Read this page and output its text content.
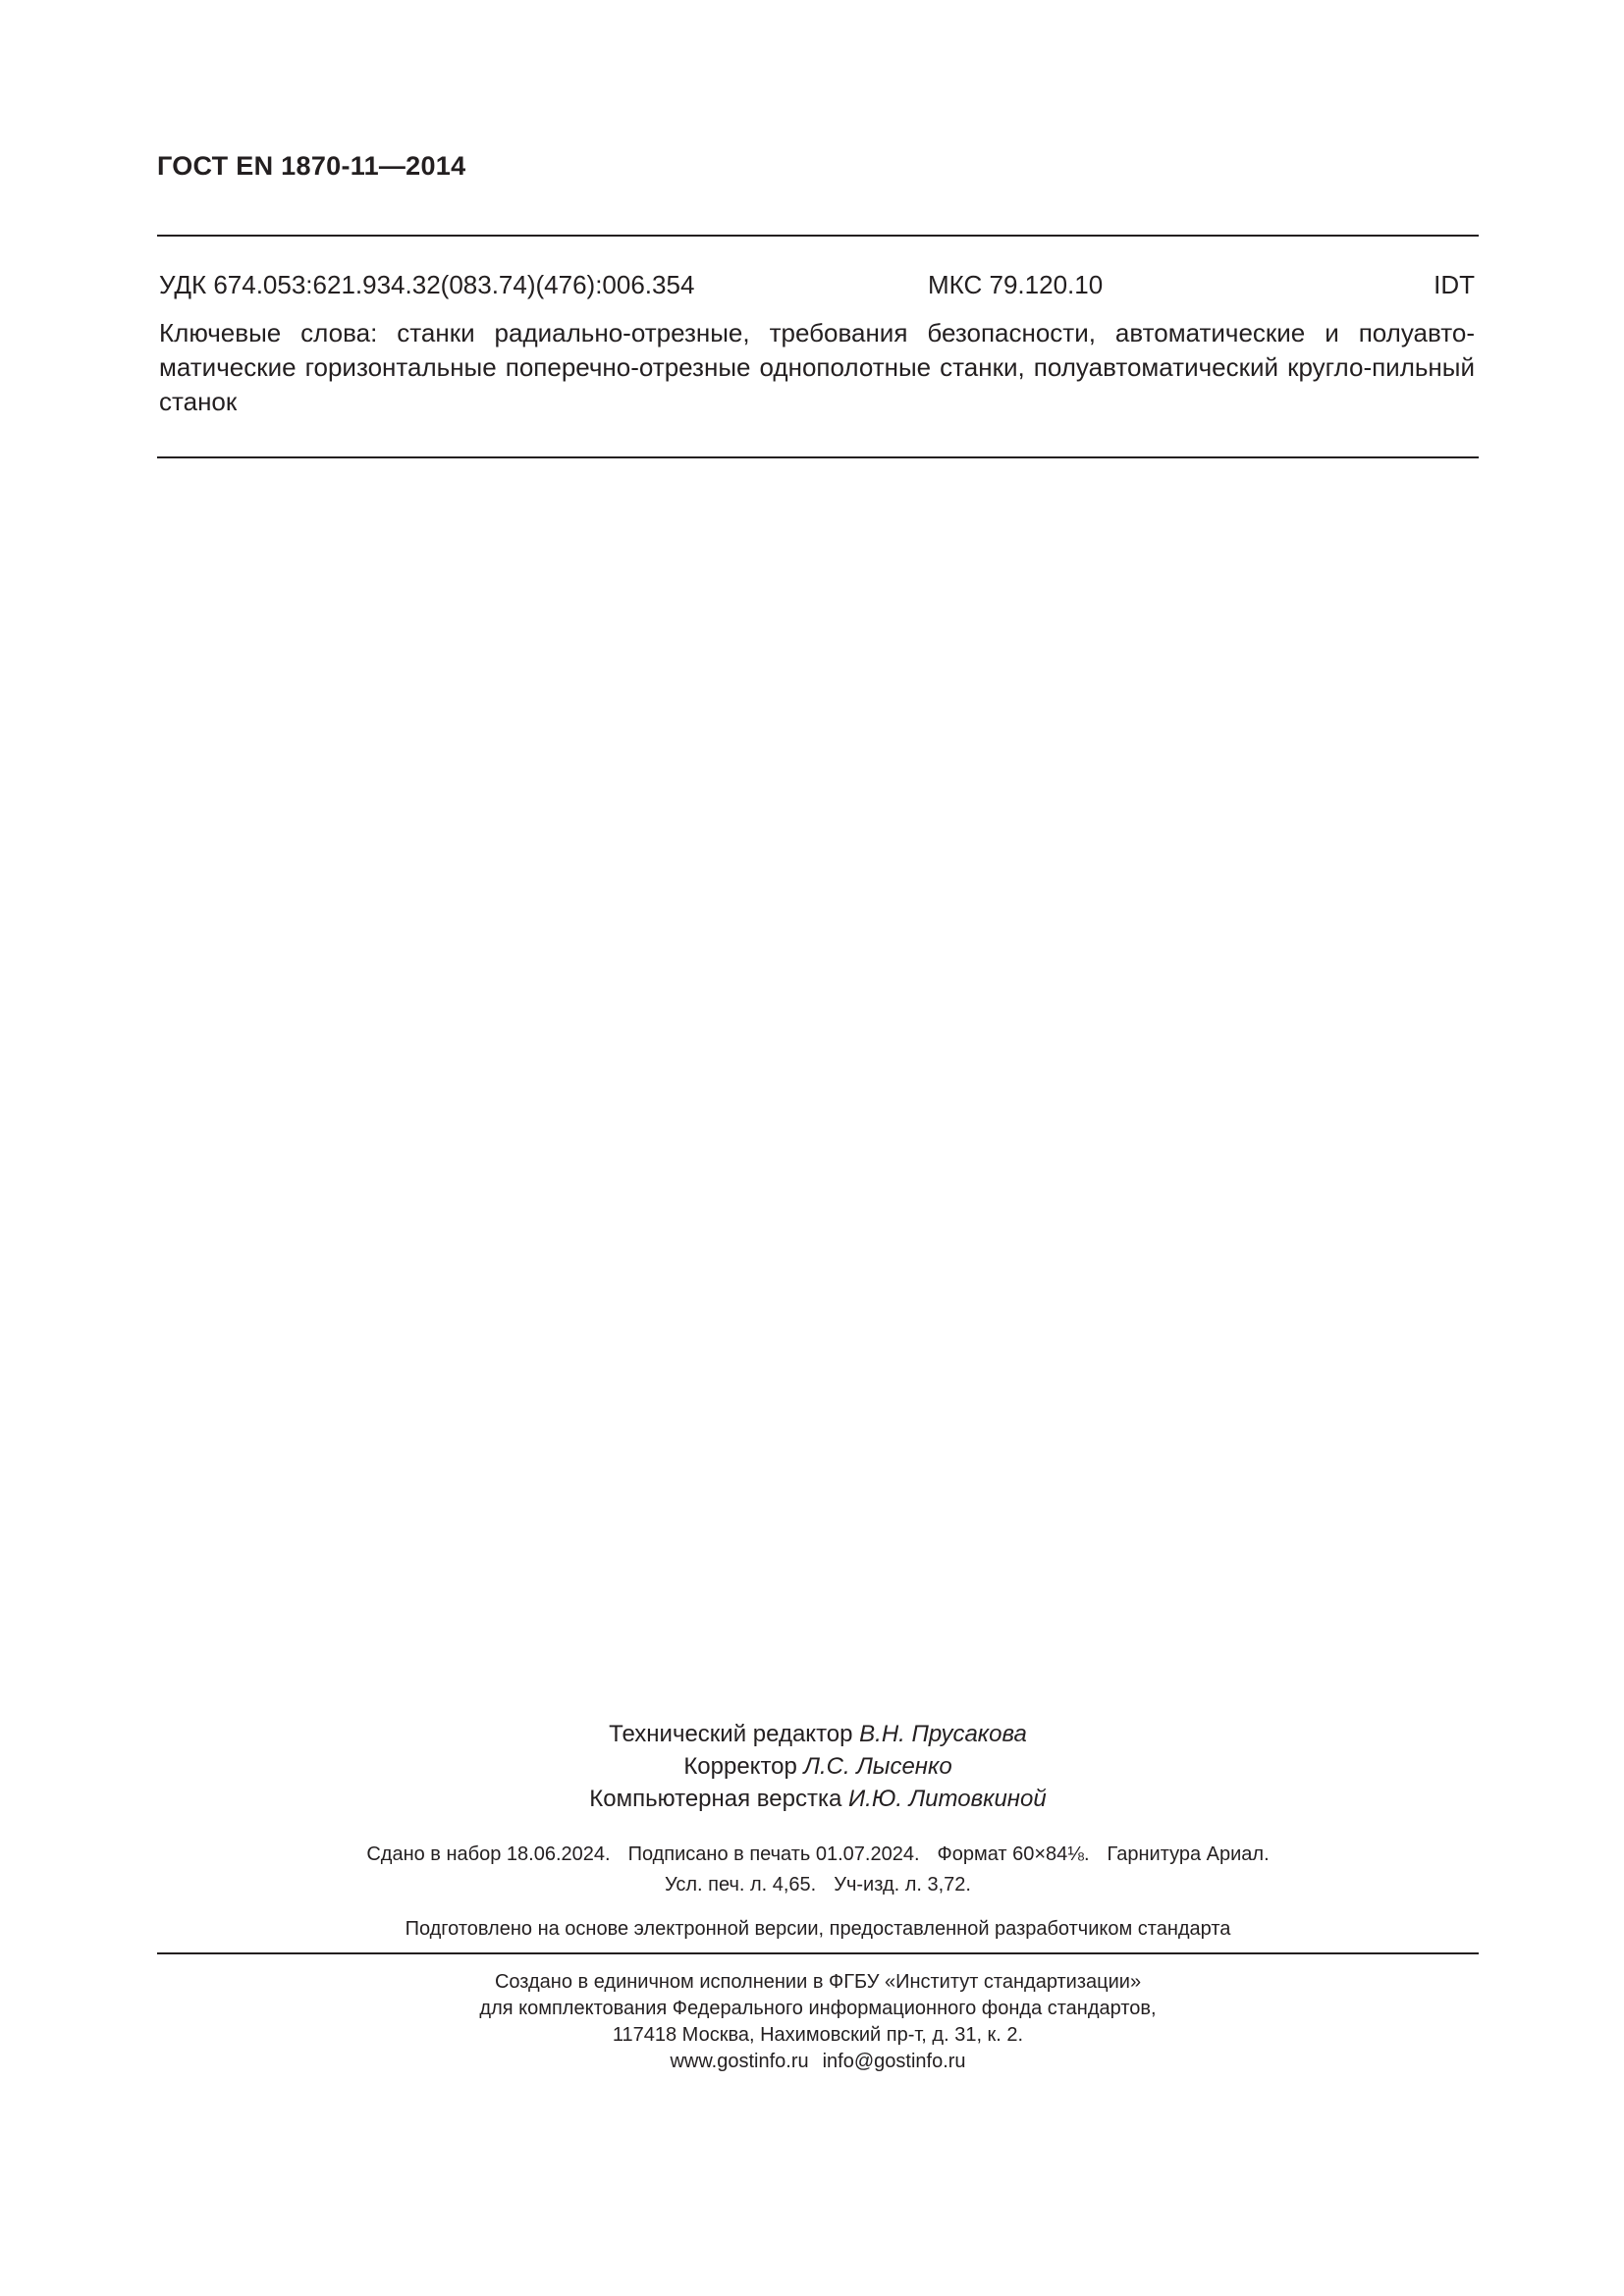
ГОСТ EN 1870-11—2014
УДК 674.053:621.934.32(083.74)(476):006.354	МКС 79.120.10	IDT
Ключевые слова: станки радиально-отрезные, требования безопасности, автоматические и полуавто-матические горизонтальные поперечно-отрезные однополотные станки, полуавтоматический кругло-пильный станок
Технический редактор В.Н. Прусакова
Корректор Л.С. Лысенко
Компьютерная верстка И.Ю. Литовкиной
Сдано в набор 18.06.2024. Подписано в печать 01.07.2024. Формат 60×84⅛. Гарнитура Ариал.
Усл. печ. л. 4,65. Уч-изд. л. 3,72.
Подготовлено на основе электронной версии, предоставленной разработчиком стандарта
Создано в единичном исполнении в ФГБУ «Институт стандартизации»
для комплектования Федерального информационного фонда стандартов,
117418 Москва, Нахимовский пр-т, д. 31, к. 2.
www.gostinfo.ru info@gostinfo.ru
